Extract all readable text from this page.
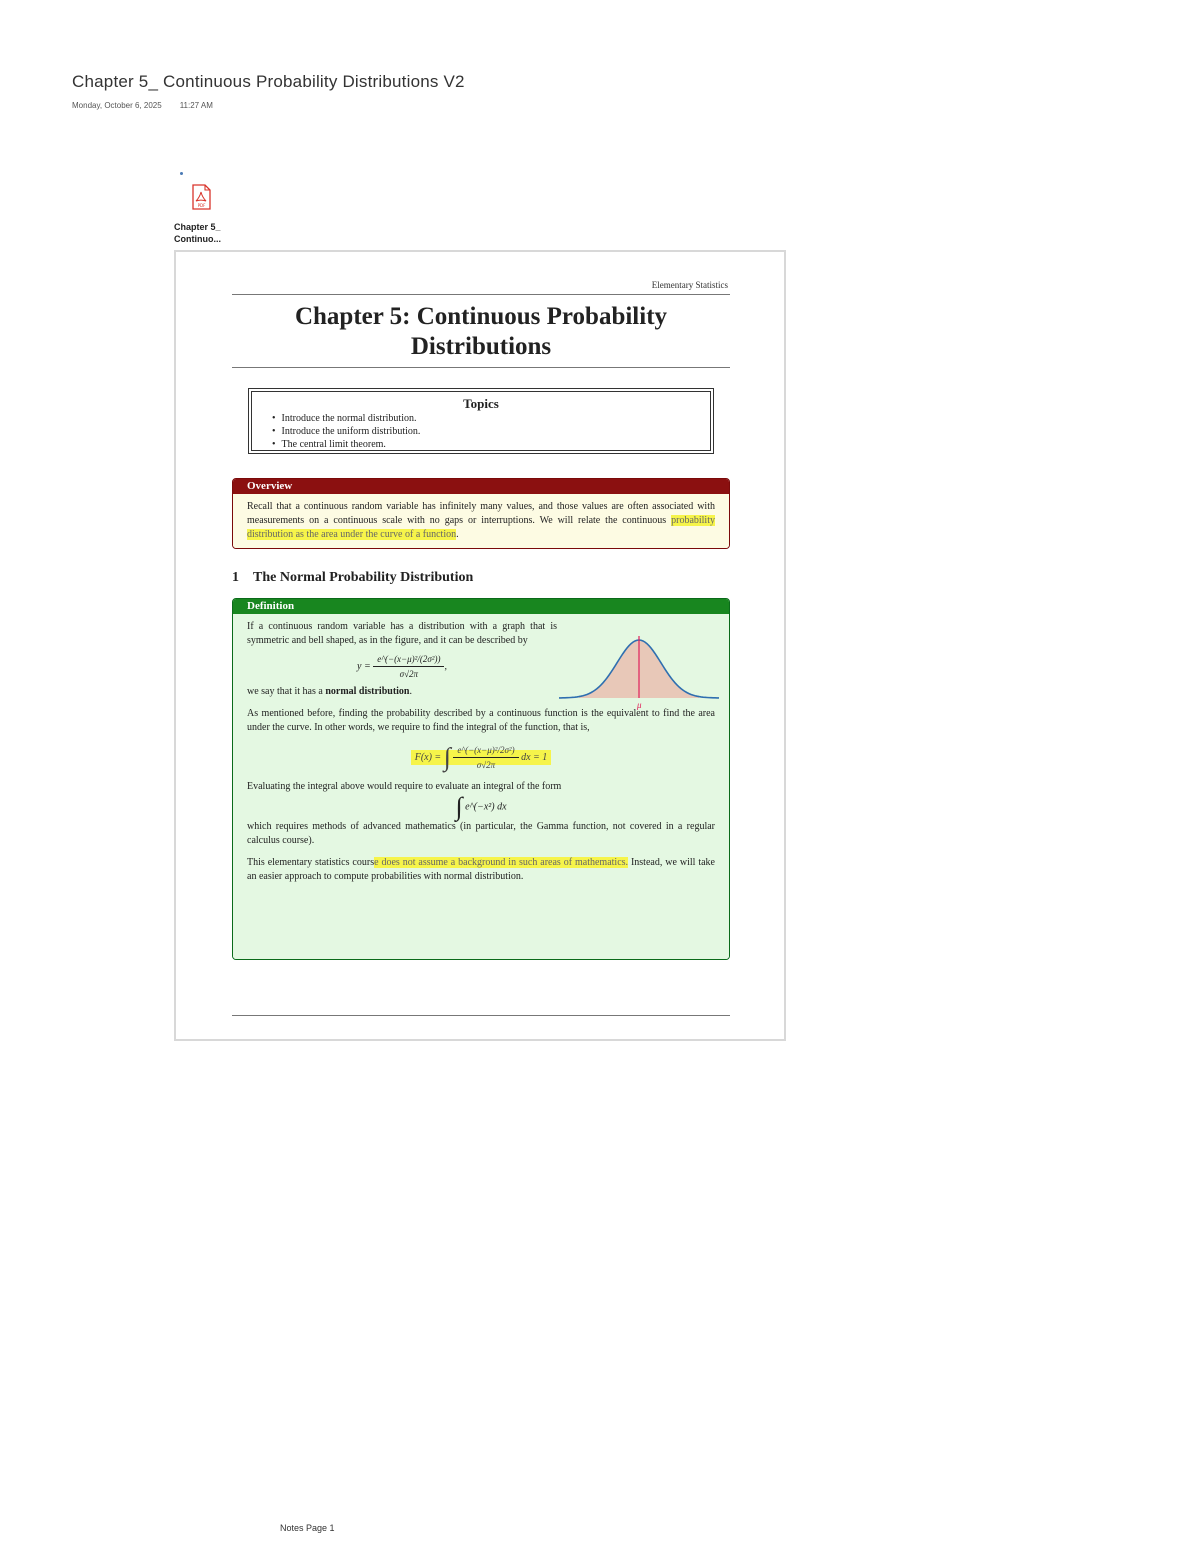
Chapter 5_ Continuous Probability Distributions V2
Monday, October 6, 2025 11:27 AM
PDF
Chapter 5_
Continuo...
Elementary Statistics
Chapter 5: Continuous Probability
Distributions
Topics
• Introduce the normal distribution.
• Introduce the uniform distribution.
• The central limit theorem.
Overview
Recall that a continuous random variable has infinitely many values, and those values are often associated with measurements on a continuous scale with no gaps or interruptions. We will relate the continuous probability distribution as the area under the curve of a function.
1 The Normal Probability Distribution
Definition
If a continuous random variable has a distribution with a graph that is symmetric and bell shaped, as in the figure, and it can be described by
$y = \frac{\text{e\textasciicircum{}(−(x−μ)²/(2σ²))}}{\sigma√2\pi}$ ,
μ
we say that it has a normal distribution.
As mentioned before, finding the probability described by a continuous function is the equivalent to find the area under the curve. In other words, we require to find the integral of the function, that is,
F(x) = ∫ $\frac{\text{e\textasciicircum{}(−(x−μ)²/2σ²)}}{\sigma√2\pi}$ dx = 1
Evaluating the integral above would require to evaluate an integral of the form
∫ e^(−x²) dx
which requires methods of advanced mathematics (in particular, the Gamma function, not covered in a regular calculus course).
This elementary statistics course does not assume a background in such areas of mathematics. Instead, we will take an easier approach to compute probabilities with normal distribution.
Notes Page 1
